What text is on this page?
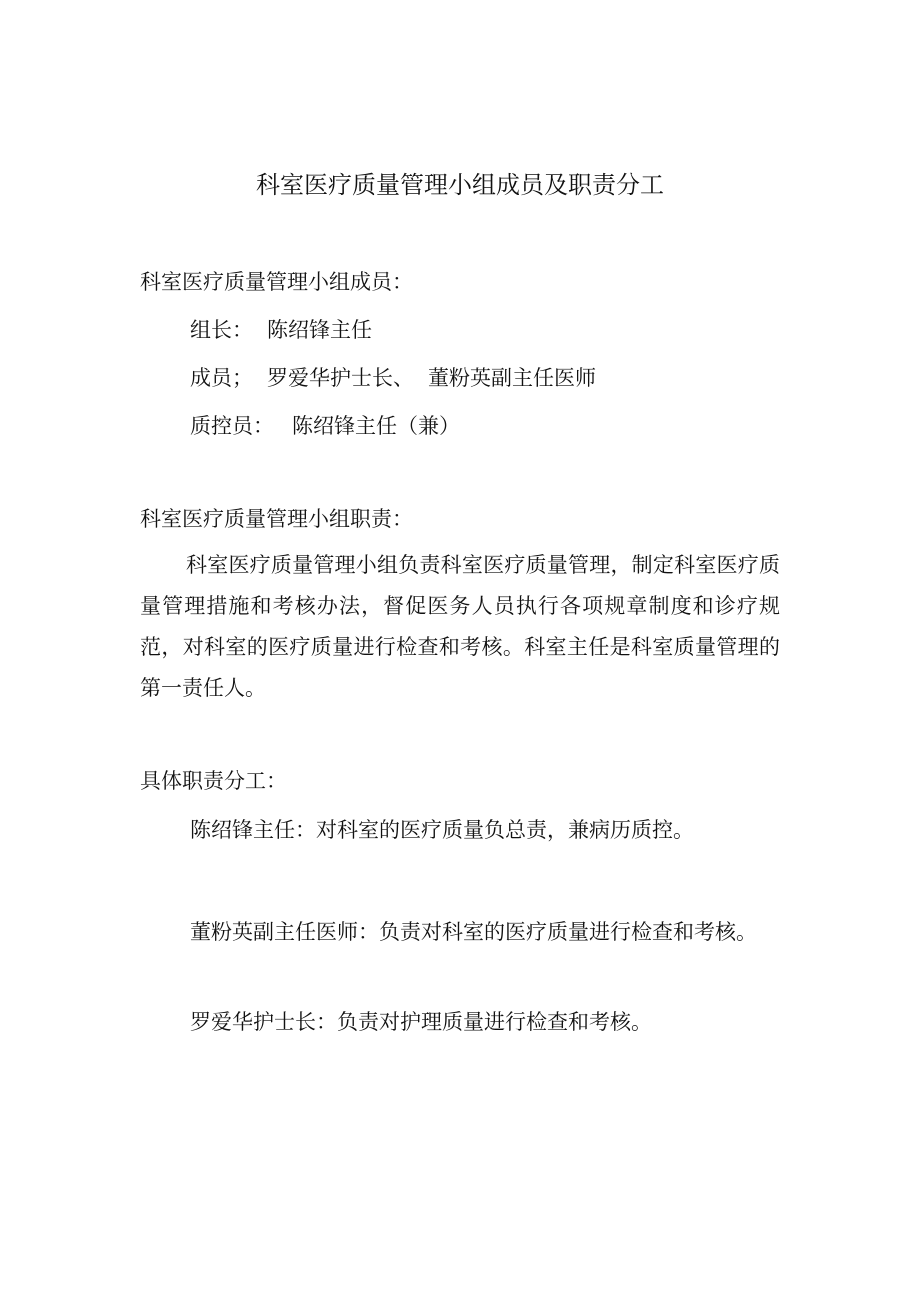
科室医疗质量管理小组成员及职责分工

科室医疗质量管理小组成员：

组长： 陈绍锋主任

成员； 罗爱华护士长、 董粉英副主任医师

质控员： 陈绍锋主任（兼）

科室医疗质量管理小组职责：

科室医疗质量管理小组负责科室医疗质量管理，制定科室医疗质量管理措施和考核办法，督促医务人员执行各项规章制度和诊疗规范，对科室的医疗质量进行检查和考核。科室主任是科室质量管理的第一责任人。

具体职责分工：

陈绍锋主任：对科室的医疗质量负总责，兼病历质控。

董粉英副主任医师：负责对科室的医疗质量进行检查和考核。

罗爱华护士长：负责对护理质量进行检查和考核。
